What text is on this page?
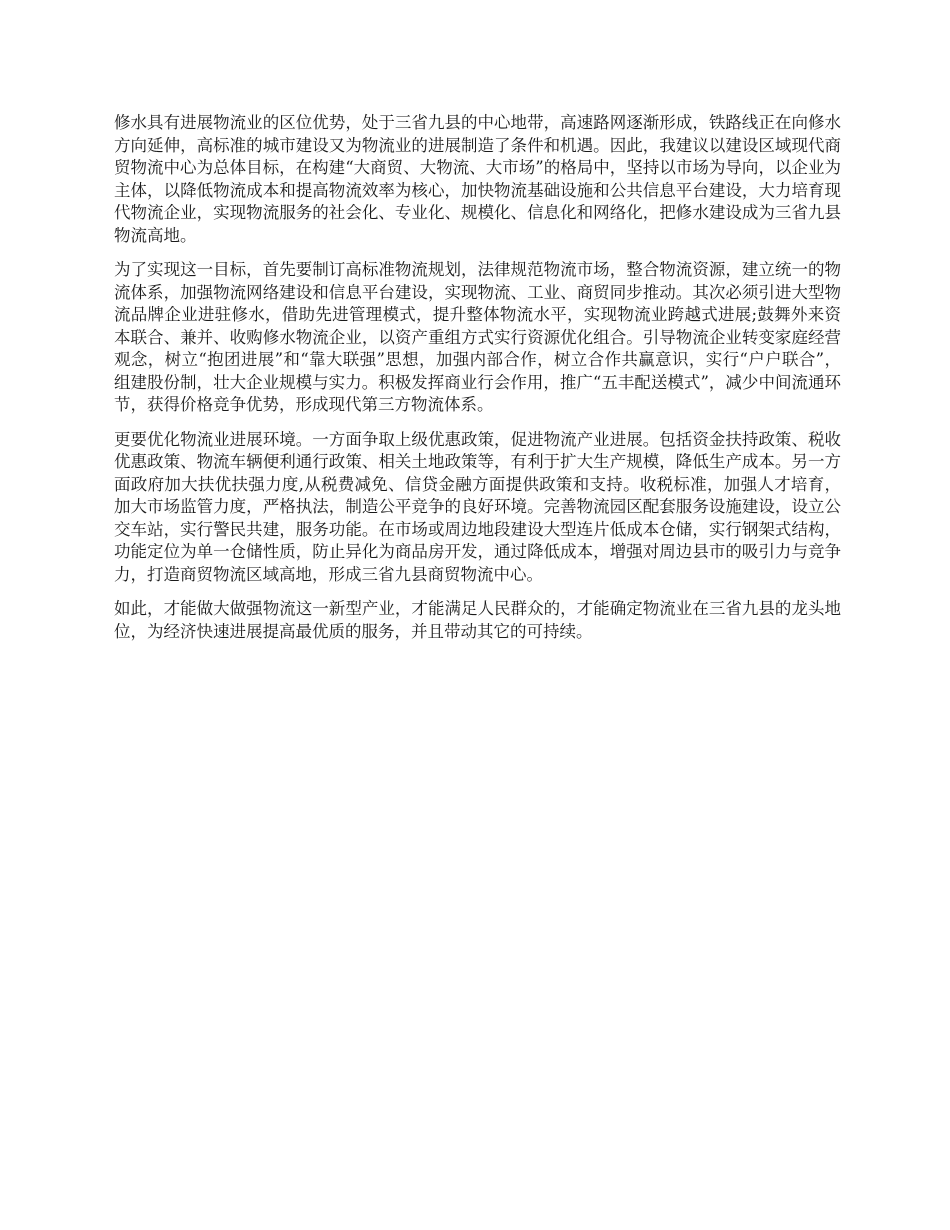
修水具有进展物流业的区位优势，处于三省九县的中心地带，高速路网逐渐形成，铁路线正在向修水方向延伸，高标准的城市建设又为物流业的进展制造了条件和机遇。因此，我建议以建设区域现代商贸物流中心为总体目标，在构建“大商贸、大物流、大市场”的格局中，坚持以市场为导向，以企业为主体，以降低物流成本和提高物流效率为核心，加快物流基础设施和公共信息平台建设，大力培育现代物流企业，实现物流服务的社会化、专业化、规模化、信息化和网络化，把修水建设成为三省九县物流高地。

为了实现这一目标，首先要制订高标准物流规划，法律规范物流市场，整合物流资源，建立统一的物流体系，加强物流网络建设和信息平台建设，实现物流、工业、商贸同步推动。其次必须引进大型物流品牌企业进驻修水，借助先进管理模式，提升整体物流水平，实现物流业跨越式进展;鼓舞外来资本联合、兼并、收购修水物流企业，以资产重组方式实行资源优化组合。引导物流企业转变家庭经营观念，树立“抱团进展”和“靠大联强”思想，加强内部合作，树立合作共赢意识，实行“户户联合”，组建股份制，壮大企业规模与实力。积极发挥商业行会作用，推广“五丰配送模式”，减少中间流通环节，获得价格竞争优势，形成现代第三方物流体系。

更要优化物流业进展环境。一方面争取上级优惠政策，促进物流产业进展。包括资金扶持政策、税收优惠政策、物流车辆便利通行政策、相关土地政策等，有利于扩大生产规模，降低生产成本。另一方面政府加大扶优扶强力度,从税费减免、信贷金融方面提供政策和支持。收税标准，加强人才培育，加大市场监管力度，严格执法，制造公平竞争的良好环境。完善物流园区配套服务设施建设，设立公交车站，实行警民共建，服务功能。在市场或周边地段建设大型连片低成本仓储，实行钢架式结构，功能定位为单一仓储性质，防止异化为商品房开发，通过降低成本，增强对周边县市的吸引力与竞争力，打造商贸物流区域高地，形成三省九县商贸物流中心。

如此，才能做大做强物流这一新型产业，才能满足人民群众的，才能确定物流业在三省九县的龙头地位，为经济快速进展提高最优质的服务，并且带动其它的可持续。
